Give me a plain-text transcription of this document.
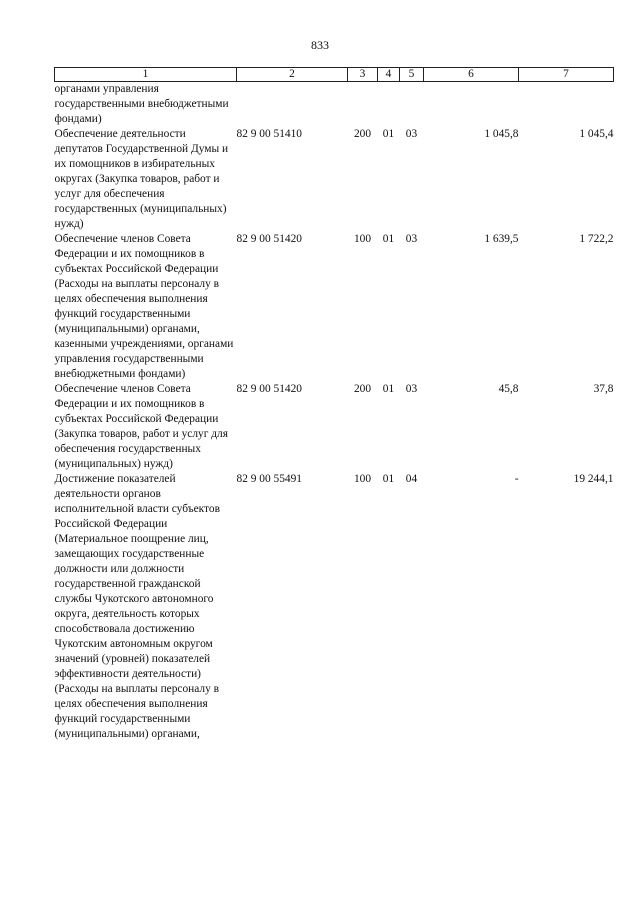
833
1	2	3	4	5	6	7
органами управления государственными внебюджетными фондами)						
Обеспечение деятельности депутатов Государственной Думы и их помощников в избирательных округах (Закупка товаров, работ и услуг для обеспечения государственных (муниципальных) нужд)	82 9 00 51410	200	01	03	1 045,8	1 045,4
Обеспечение членов Совета Федерации и их помощников в субъектах Российской Федерации (Расходы на выплаты персоналу в целях обеспечения выполнения функций государственными (муниципальными) органами, казенными учреждениями, органами управления государственными внебюджетными фондами)	82 9 00 51420	100	01	03	1 639,5	1 722,2
Обеспечение членов Совета Федерации и их помощников в субъектах Российской Федерации (Закупка товаров, работ и услуг для обеспечения государственных (муниципальных) нужд)	82 9 00 51420	200	01	03	45,8	37,8
Достижение показателей деятельности органов исполнительной власти субъектов Российской Федерации (Материальное поощрение лиц, замещающих государственные должности или должности государственной гражданской службы Чукотского автономного округа, деятельность которых способствовала достижению Чукотским автономным округом значений (уровней) показателей эффективности деятельности) (Расходы на выплаты персоналу в целях обеспечения выполнения функций государственными (муниципальными) органами,	82 9 00 55491	100	01	04	-	19 244,1
